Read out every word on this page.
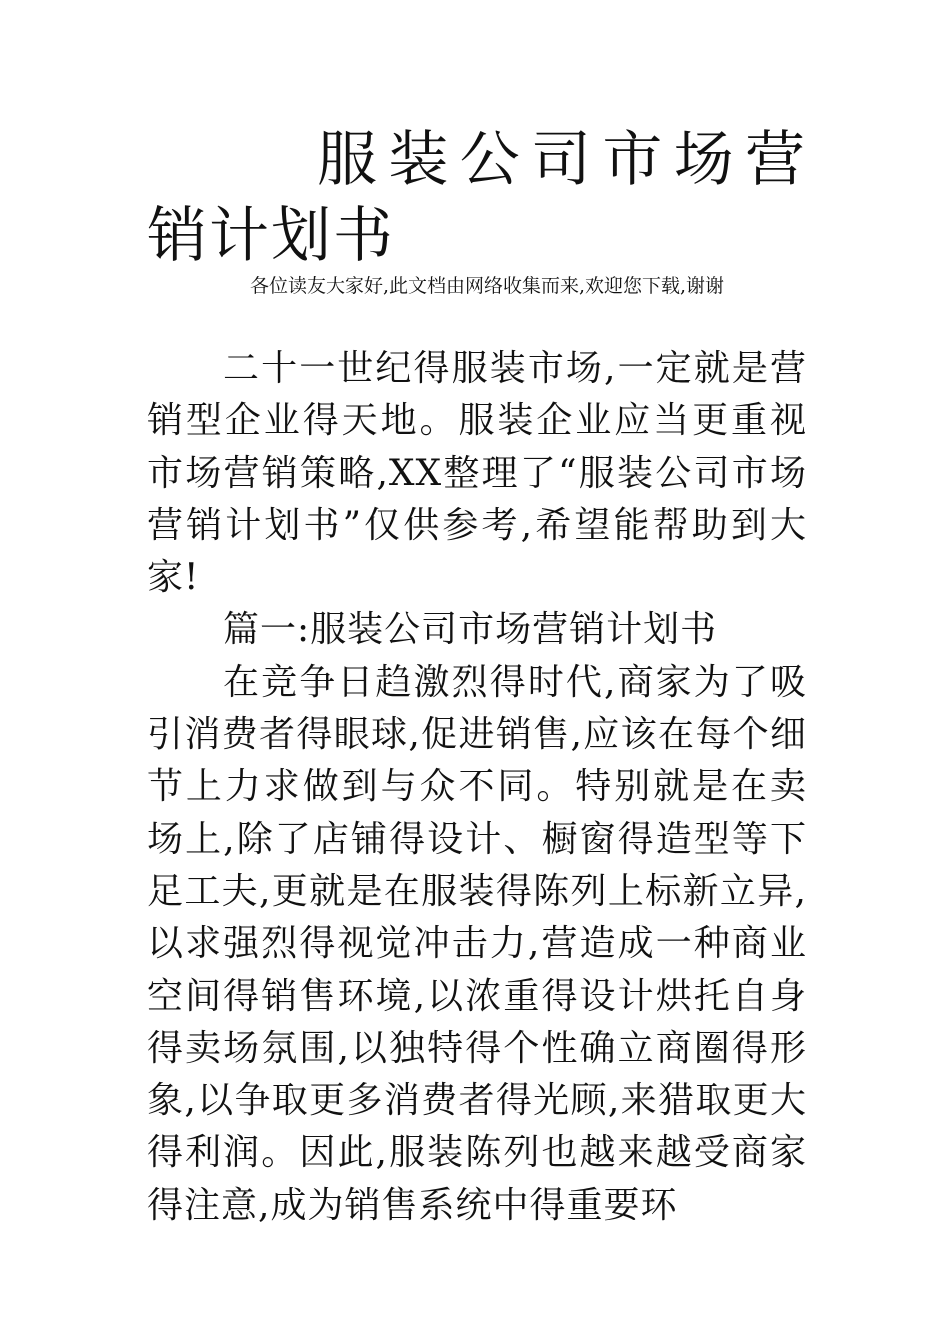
服装公司市场营销计划书

各位读友大家好,此文档由网络收集而来,欢迎您下载,谢谢

二十一世纪得服装市场,一定就是营销型企业得天地。服装企业应当更重视市场营销策略,XX整理了“服装公司市场营销计划书”仅供参考,希望能帮助到大家!

篇一:服装公司市场营销计划书

在竞争日趋激烈得时代,商家为了吸引消费者得眼球,促进销售,应该在每个细节上力求做到与众不同。特别就是在卖场上,除了店铺得设计、橱窗得造型等下足工夫,更就是在服装得陈列上标新立异,以求强烈得视觉冲击力,营造成一种商业空间得销售环境,以浓重得设计烘托自身得卖场氛围,以独特得个性确立商圈得形象,以争取更多消费者得光顾,来猎取更大得利润。因此,服装陈列也越来越受商家得注意,成为销售系统中得重要环
